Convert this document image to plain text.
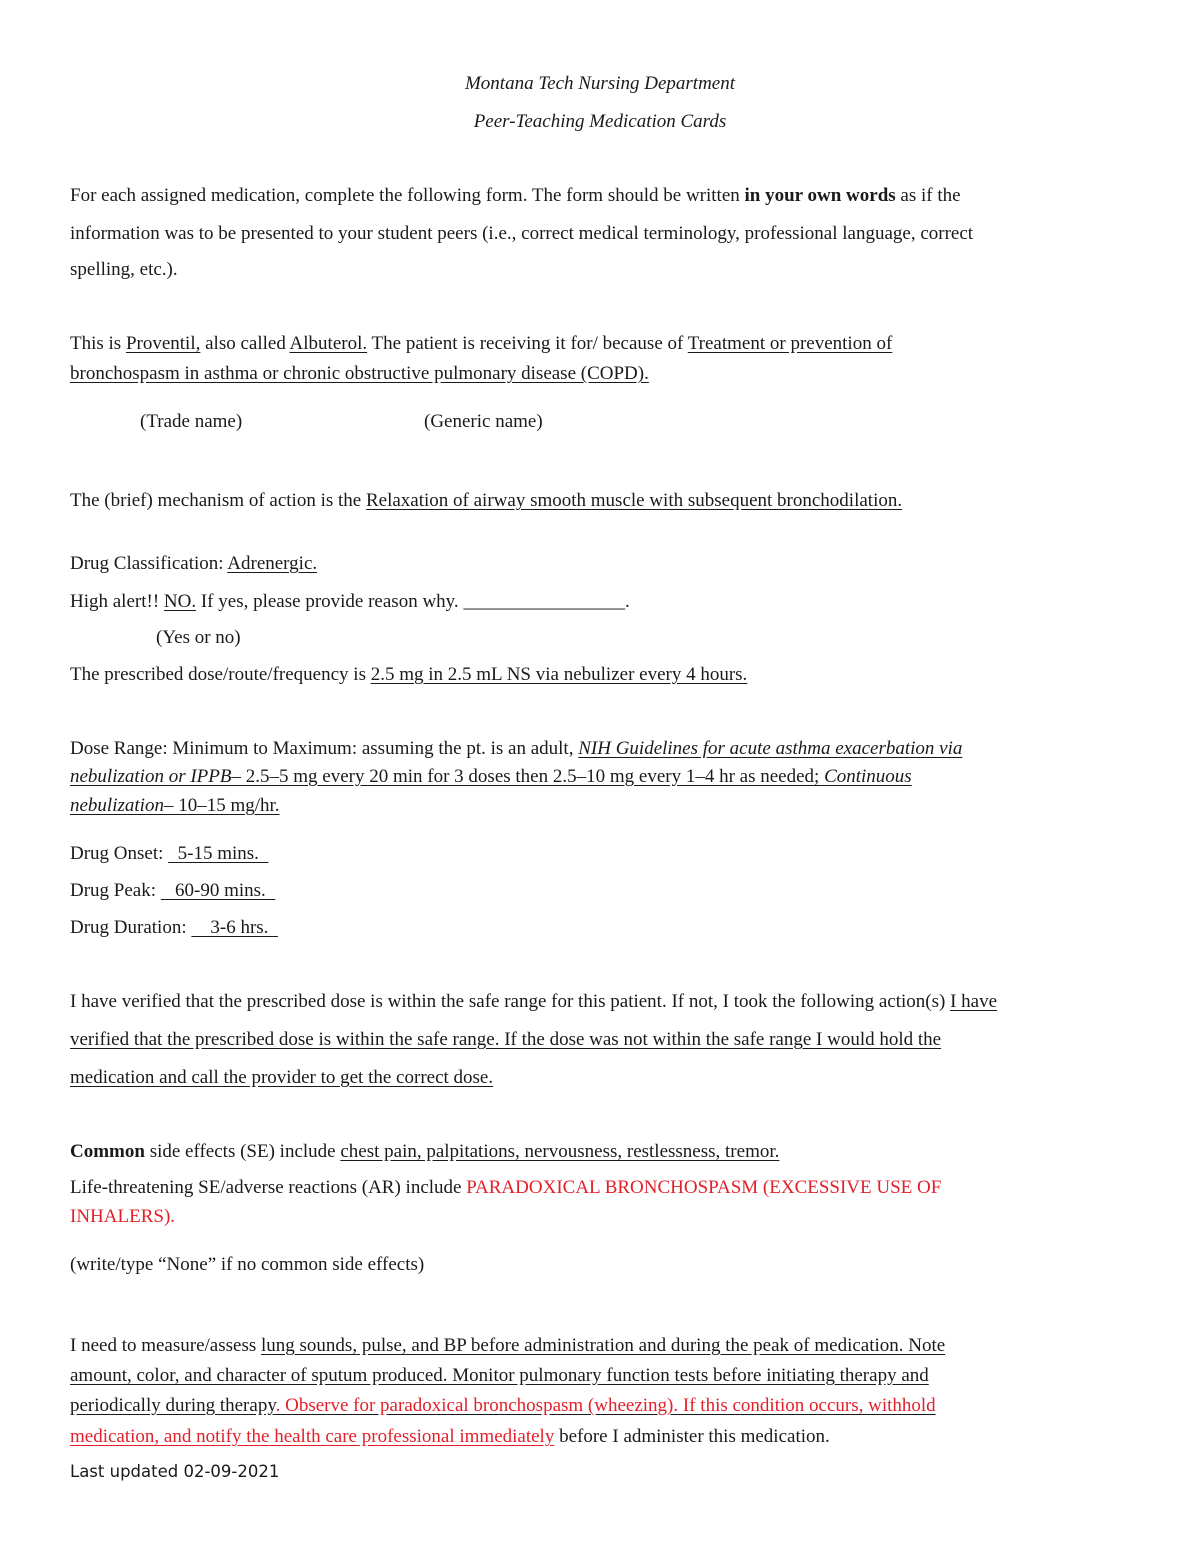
Montana Tech Nursing Department
Peer-Teaching Medication Cards
For each assigned medication, complete the following form. The form should be written in your own words as if the
information was to be presented to your student peers (i.e., correct medical terminology, professional language, correct
spelling, etc.).
This is Proventil, also called Albuterol. The patient is receiving it for/ because of Treatment or prevention of
bronchospasm in asthma or chronic obstructive pulmonary disease (COPD).
(Trade name)	(Generic name)
The (brief) mechanism of action is the Relaxation of airway smooth muscle with subsequent bronchodilation.
Drug Classification: Adrenergic.
High alert!! NO. If yes, please provide reason why. _________________.
(Yes or no)
The prescribed dose/route/frequency is 2.5 mg in 2.5 mL NS via nebulizer every 4 hours.
Dose Range: Minimum to Maximum: assuming the pt. is an adult, NIH Guidelines for acute asthma exacerbation via
nebulization or IPPB– 2.5–5 mg every 20 min for 3 doses then 2.5–10 mg every 1–4 hr as needed; Continuous
nebulization– 10–15 mg/hr.
Drug Onset:   5-15 mins.
Drug Peak:    60-90 mins.
Drug Duration:     3-6 hrs.
I have verified that the prescribed dose is within the safe range for this patient. If not, I took the following action(s) I have
verified that the prescribed dose is within the safe range. If the dose was not within the safe range I would hold the
medication and call the provider to get the correct dose.
Common side effects (SE) include chest pain, palpitations, nervousness, restlessness, tremor.
Life-threatening SE/adverse reactions (AR) include PARADOXICAL BRONCHOSPASM (EXCESSIVE USE OF
INHALERS).
(write/type “None” if no common side effects)
I need to measure/assess lung sounds, pulse, and BP before administration and during the peak of medication. Note
amount, color, and character of sputum produced. Monitor pulmonary function tests before initiating therapy and
periodically during therapy. Observe for paradoxical bronchospasm (wheezing). If this condition occurs, withhold
medication, and notify the health care professional immediately before I administer this medication.
Last updated 02-09-2021
